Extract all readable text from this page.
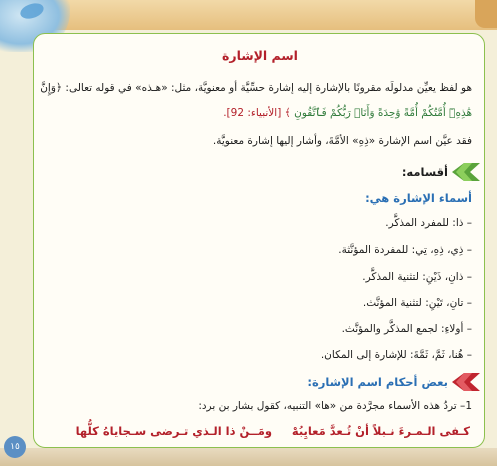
١٥
اسم الإشارة
هو لفظ يعيِّن مدلولَه مقرونًا بالإشارة إليه إشارة حسِّيَّة أو معنويَّة، مثل: «هـذه» في قوله تعالى: ﴿وَإِنَّ
هَٰذِهِۦٓ أُمَّتُكُمْ أُمَّةً وَٰحِدَةً وَأَنَا۠ رَبُّكُمْ فَٱتَّقُونِ ﴾ [الأنبياء: 92].
فقد عيَّن اسم الإشارة «ذِهِ» الأمَّةَ، وأشار إليها إشارة معنويَّة.
أقسامه:
أسماء الإشارة هي:
– ذا: للمفرد المذكَّر.
– ذِي، ذِهِ، تِي: للمفردة المؤنَّثة.
– ذانِ، ذَيْنِ: لتثنية المذكَّر.
– تانِ، تَيْنِ: لتثنية المؤنَّث.
– أولاءِ: لجمع المذكَّر والمؤنَّث.
– هُنا، ثَمَّ، ثَمَّةَ: للإشارة إلى المكان.
بعض أحكام اسم الإشارة:
1– تردُ هذه الأسماء مجرَّدة من «ها» التنبيه، كقول بشار بن برد:
ومَــنْ ذا الـذي تـرضى سـجاياهُ كلُّها كـفى الـمـرءَ نـبلاً أنْ تُـعدَّ مَعايِبُهْ
